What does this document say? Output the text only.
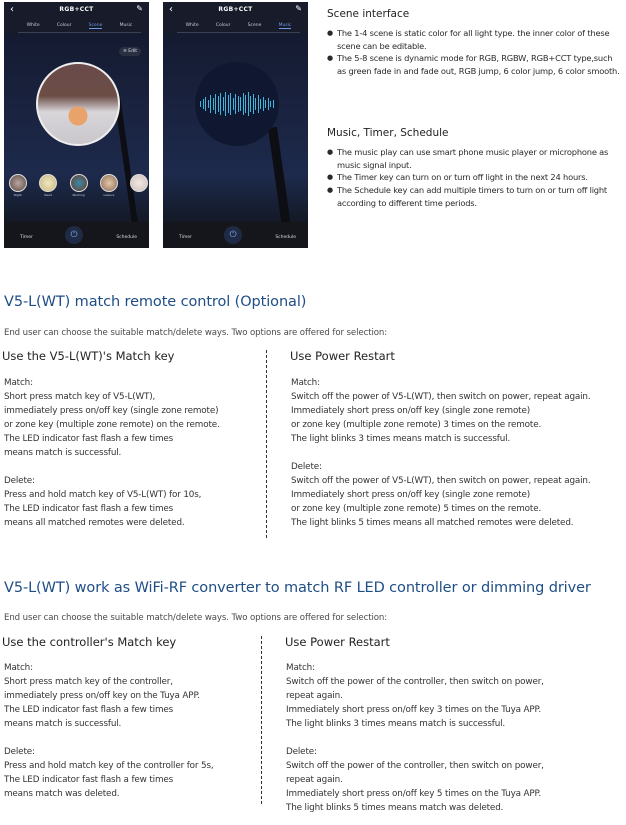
‹	RGB+CCT	✎
White	Colour	Scene	Music
≡ Edit
Night	Read	Working	Leisure
Timer	⏻	Schedule
‹	RGB+CCT	✎
White	Colour	Scene	Music
Timer	⏻	Schedule
Scene interface
● The 1-4 scene is static color for all light type. the inner color of these scene can be editable.

● The 5-8 scene is dynamic mode for RGB, RGBW, RGB+CCT type,such as green fade in and fade out, RGB jump, 6 color jump, 6 color smooth.

Music, Timer, Schedule
● The music play can use smart phone music player or microphone as music signal input.

● The Timer key can turn on or turn off light in the next 24 hours.

● The Schedule key can add multiple timers to turn on or turn off light according to different time periods.

V5-L(WT) match remote control (Optional)
End user can choose the suitable match/delete ways. Two options are offered for selection:
Use the V5-L(WT)'s Match key	Use Power Restart
Match:
Short press match key of V5-L(WT),
immediately press on/off key (single zone remote)
or zone key (multiple zone remote) on the remote.
The LED indicator fast flash a few times
means match is successful.
Delete:
Press and hold match key of V5-L(WT) for 10s,
The LED indicator fast flash a few times
means all matched remotes were deleted.
Match:
Switch off the power of V5-L(WT), then switch on power, repeat again.
Immediately short press on/off key (single zone remote)
or zone key (multiple zone remote) 3 times on the remote.
The light blinks 3 times means match is successful.
Delete:
Switch off the power of V5-L(WT), then switch on power, repeat again.
Immediately short press on/off key (single zone remote)
or zone key (multiple zone remote) 5 times on the remote.
The light blinks 5 times means all matched remotes were deleted.
V5-L(WT) work as WiFi-RF converter to match RF LED controller or dimming driver
End user can choose the suitable match/delete ways. Two options are offered for selection:
Use the controller's Match key	Use Power Restart
Match:
Short press match key of the controller,
immediately press on/off key on the Tuya APP.
The LED indicator fast flash a few times
means match is successful.
Delete:
Press and hold match key of the controller for 5s,
The LED indicator fast flash a few times
means match was deleted.
Match:
Switch off the power of the controller, then switch on power,
repeat again.
Immediately short press on/off key 3 times on the Tuya APP.
The light blinks 3 times means match is successful.
Delete:
Switch off the power of the controller, then switch on power,
repeat again.
Immediately short press on/off key 5 times on the Tuya APP.
The light blinks 5 times means match was deleted.
